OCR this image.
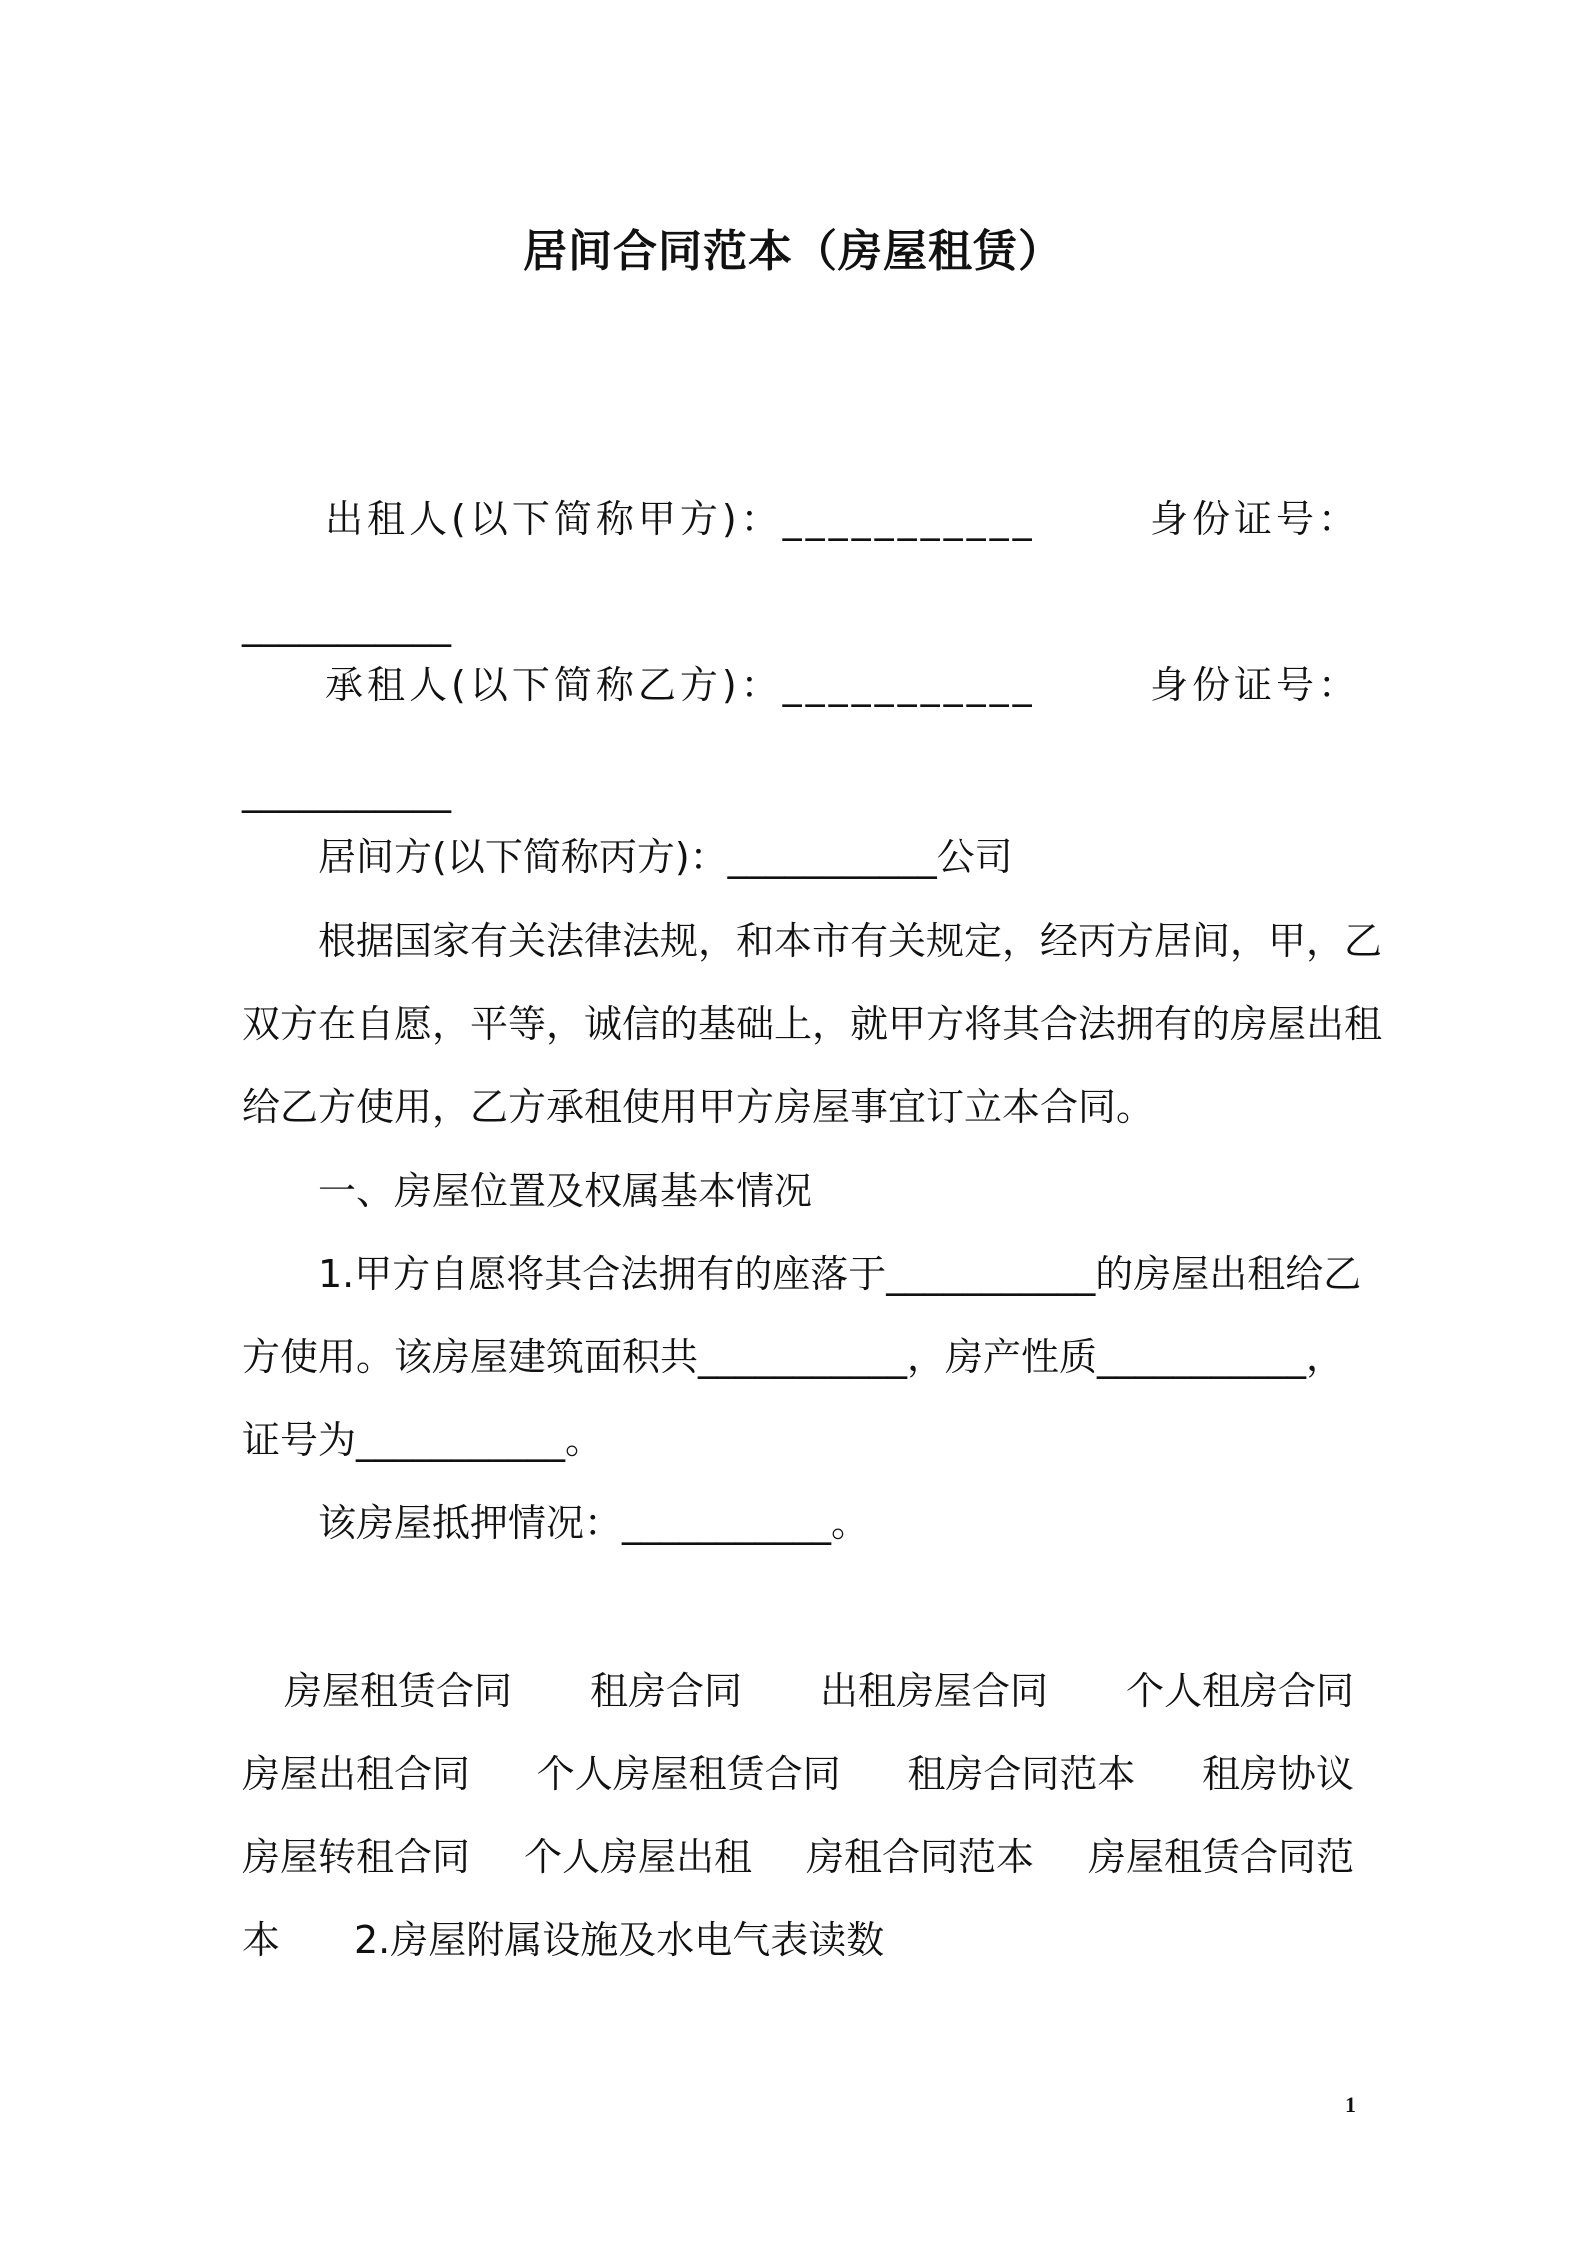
居间合同范本（房屋租赁）
出租人(以下简称甲方)：___________	身份证号：
___________
承租人(以下简称乙方)：___________	身份证号：
___________
居间方(以下简称丙方)：___________公司
根据国家有关法律法规，和本市有关规定，经丙方居间，甲，乙
双方在自愿，平等，诚信的基础上，就甲方将其合法拥有的房屋出租
给乙方使用，乙方承租使用甲方房屋事宜订立本合同。
一、房屋位置及权属基本情况
1.甲方自愿将其合法拥有的座落于___________的房屋出租给乙
方使用。该房屋建筑面积共___________，房产性质___________，
证号为___________。
该房屋抵押情况：___________。
房屋租赁合同 租房合同 出租房屋合同 个人租房合同
房屋出租合同 个人房屋租赁合同 租房合同范本 租房协议
房屋转租合同 个人房屋出租 房租合同范本 房屋租赁合同范
本 2.房屋附属设施及水电气表读数
1
